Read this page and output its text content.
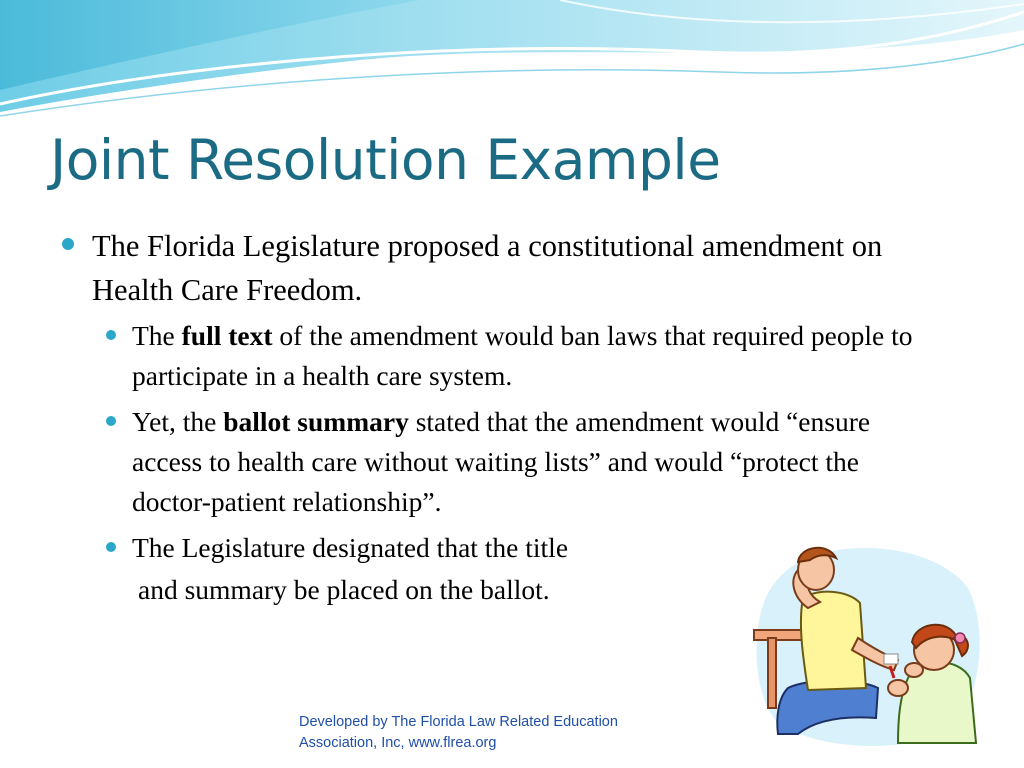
Joint Resolution Example

The Florida Legislature proposed a constitutional amendment on Health Care Freedom.

The full text of the amendment would ban laws that required people to participate in a health care system.
Yet, the ballot summary stated that the amendment would “ensure access to health care without waiting lists” and would “protect the doctor-patient relationship”.
The Legislature designated that the title
and summary be placed on the ballot.
Developed by The Florida Law Related Education Association, Inc, www.flrea.org
